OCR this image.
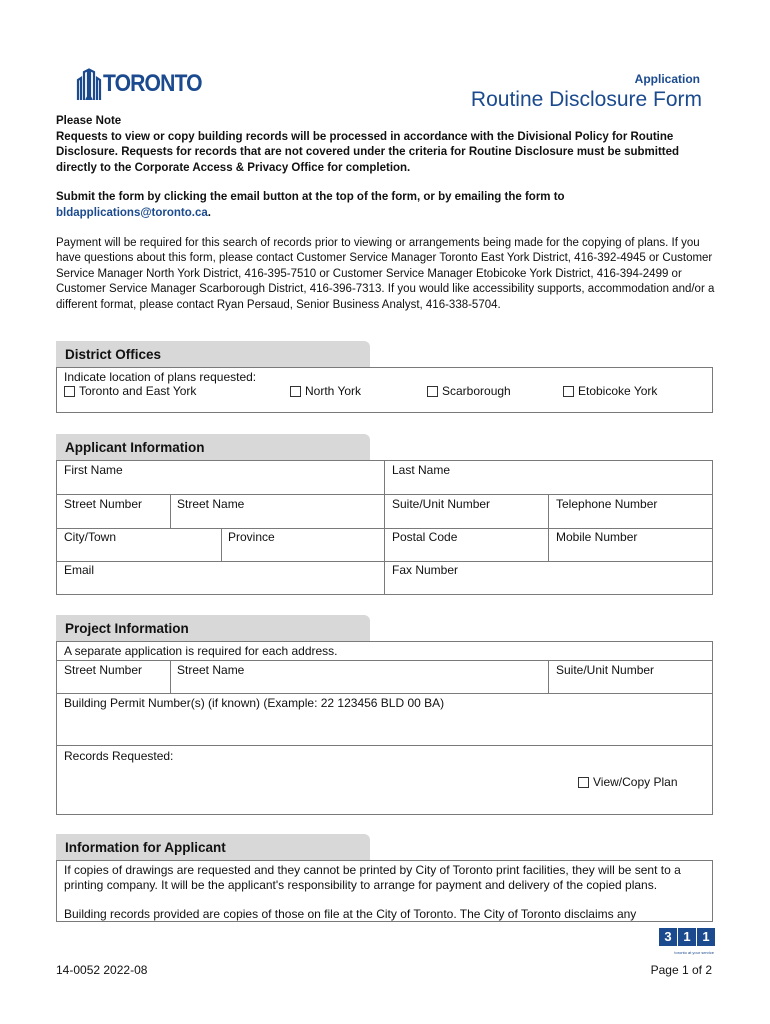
TORONTO	Application
Routine Disclosure Form
Please Note

Requests to view or copy building records will be processed in accordance with the Divisional Policy for Routine Disclosure. Requests for records that are not covered under the criteria for Routine Disclosure must be submitted directly to the Corporate Access & Privacy Office for completion.

Submit the form by clicking the email button at the top of the form, or by emailing the form to bldapplications@toronto.ca.

Payment will be required for this search of records prior to viewing or arrangements being made for the copying of plans. If you have questions about this form, please contact Customer Service Manager Toronto East York District, 416-392-4945 or Customer Service Manager North York District, 416-395-7510 or Customer Service Manager Etobicoke York District, 416-394-2499 or Customer Service Manager Scarborough District, 416-396-7313. If you would like accessibility supports, accommodation and/or a different format, please contact Ryan Persaud, Senior Business Analyst, 416-338-5704.

District Offices
Indicate location of plans requested:
Toronto and East York	North York	Scarborough	Etobicoke York
Applicant Information
First Name	Last Name
Street Number	Street Name	Suite/Unit Number	Telephone Number
City/Town	Province	Postal Code	Mobile Number
Email	Fax Number
Project Information
A separate application is required for each address.
Street Number	Street Name	Suite/Unit Number
Building Permit Number(s) (if known) (Example: 22 123456 BLD 00 BA)
Records Requested:
View/Copy Plan
Information for Applicant
If copies of drawings are requested and they cannot be printed by City of Toronto print facilities, they will be sent to a printing company. It will be the applicant's responsibility to arrange for payment and delivery of the copied plans.
Building records provided are copies of those on file at the City of Toronto. The City of Toronto disclaims any
3 1 1
toronto at your service
14-0052 2022-08	Page 1 of 2
